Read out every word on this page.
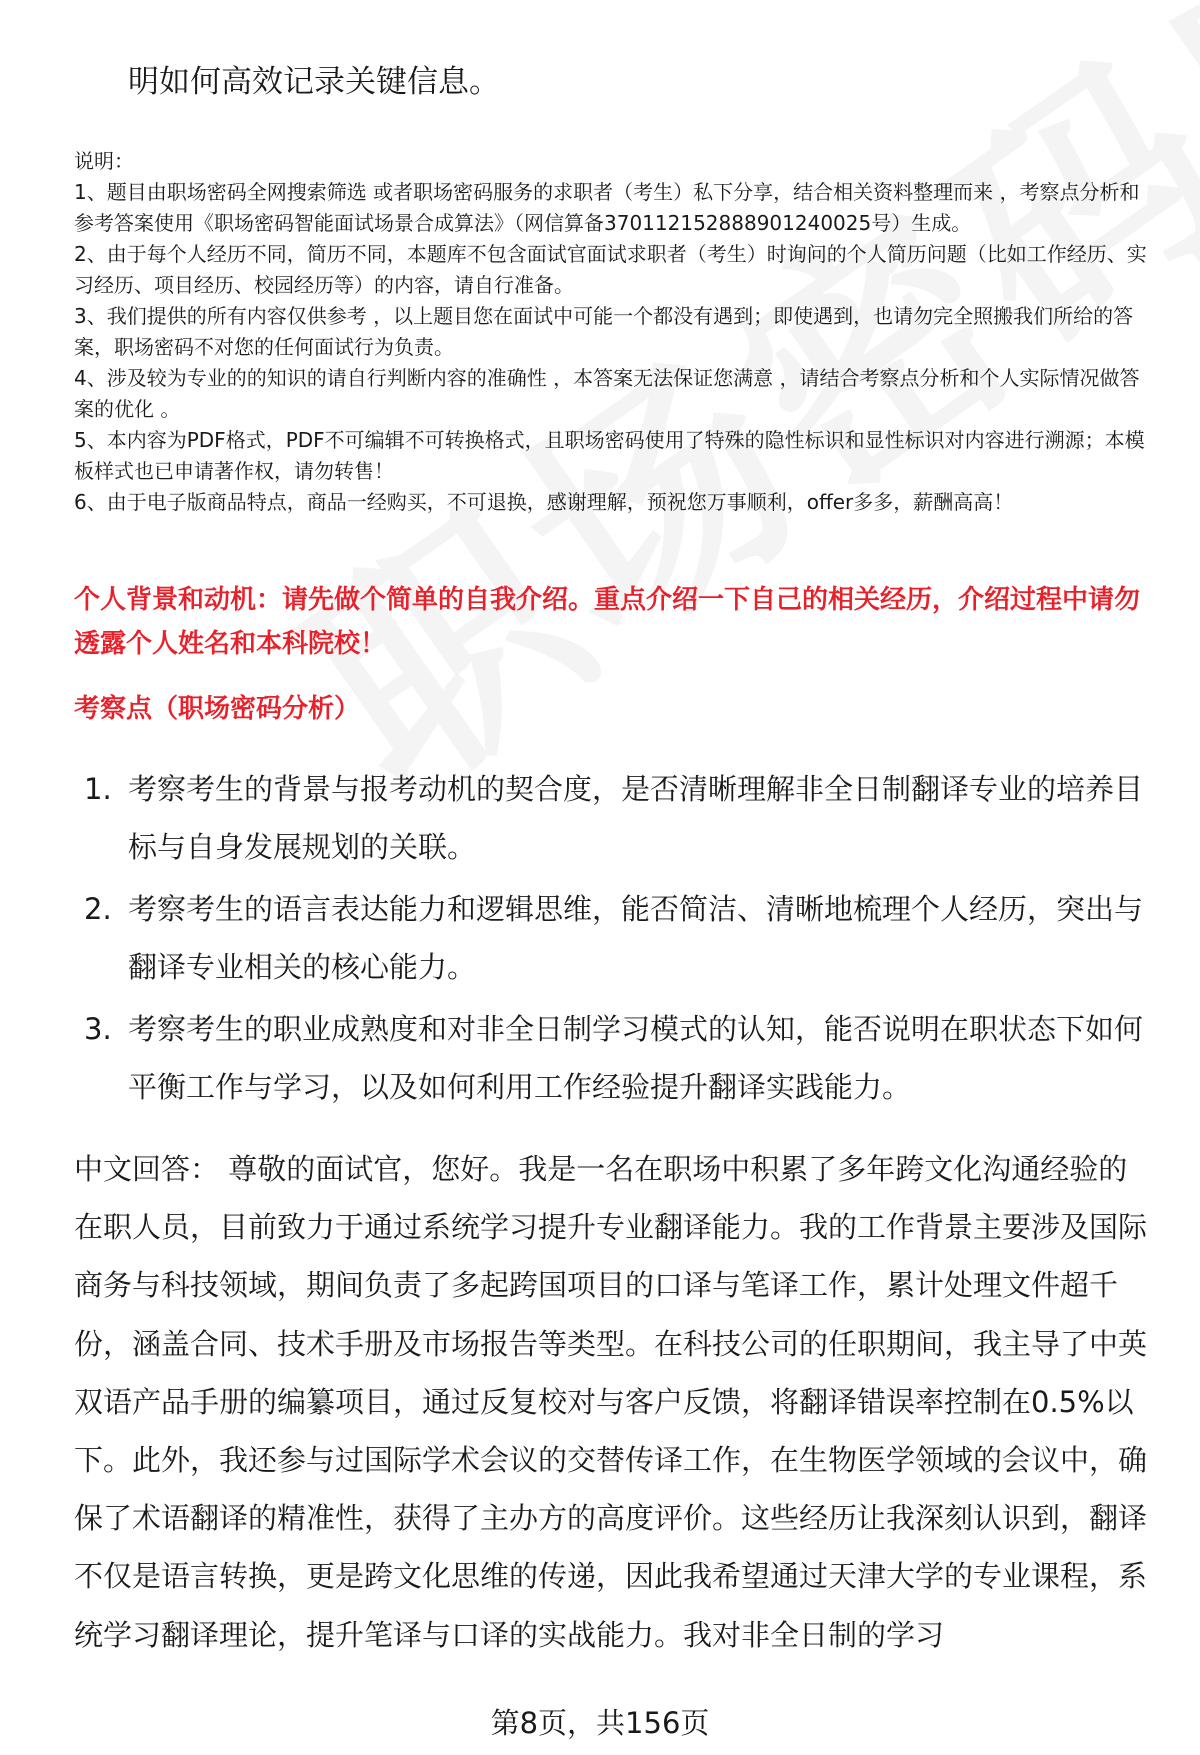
明如何高效记录关键信息。

说明：

1、题目由职场密码全网搜索筛选 或者职场密码服务的求职者（考生）私下分享，结合相关资料整理而来 ，考察点分析和参考答案使用《职场密码智能面试场景合成算法》（网信算备370112152888901240025号）生成。

2、由于每个人经历不同，简历不同，本题库不包含面试官面试求职者（考生）时询问的个人简历问题（比如工作经历、实习经历、项目经历、校园经历等）的内容，请自行准备。

3、我们提供的所有内容仅供参考 ，以上题目您在面试中可能一个都没有遇到；即使遇到，也请勿完全照搬我们所给的答案，职场密码不对您的任何面试行为负责。

4、涉及较为专业的的知识的请自行判断内容的准确性 ，本答案无法保证您满意 ，请结合考察点分析和个人实际情况做答案的优化 。

5、本内容为PDF格式，PDF不可编辑不可转换格式，且职场密码使用了特殊的隐性标识和显性标识对内容进行溯源；本模板样式也已申请著作权，请勿转售！

6、由于电子版商品特点，商品一经购买，不可退换，感谢理解，预祝您万事顺利，offer多多，薪酬高高！

个人背景和动机：请先做个简单的自我介绍。重点介绍一下自己的相关经历，介绍过程中请勿透露个人姓名和本科院校！

考察点（职场密码分析）

1. 考察考生的背景与报考动机的契合度，是否清晰理解非全日制翻译专业的培养目标与自身发展规划的关联。
2. 考察考生的语言表达能力和逻辑思维，能否简洁、清晰地梳理个人经历，突出与翻译专业相关的核心能力。
3. 考察考生的职业成熟度和对非全日制学习模式的认知，能否说明在职状态下如何平衡工作与学习，以及如何利用工作经验提升翻译实践能力。

中文回答： 尊敬的面试官，您好。我是一名在职场中积累了多年跨文化沟通经验的在职人员，目前致力于通过系统学习提升专业翻译能力。我的工作背景主要涉及国际商务与科技领域，期间负责了多起跨国项目的口译与笔译工作，累计处理文件超千份，涵盖合同、技术手册及市场报告等类型。在科技公司的任职期间，我主导了中英双语产品手册的编纂项目，通过反复校对与客户反馈，将翻译错误率控制在0.5%以下。此外，我还参与过国际学术会议的交替传译工作，在生物医学领域的会议中，确保了术语翻译的精准性，获得了主办方的高度评价。这些经历让我深刻认识到，翻译不仅是语言转换，更是跨文化思维的传递，因此我希望通过天津大学的专业课程，系统学习翻译理论，提升笔译与口译的实战能力。我对非全日制的学习

第8页，共156页
